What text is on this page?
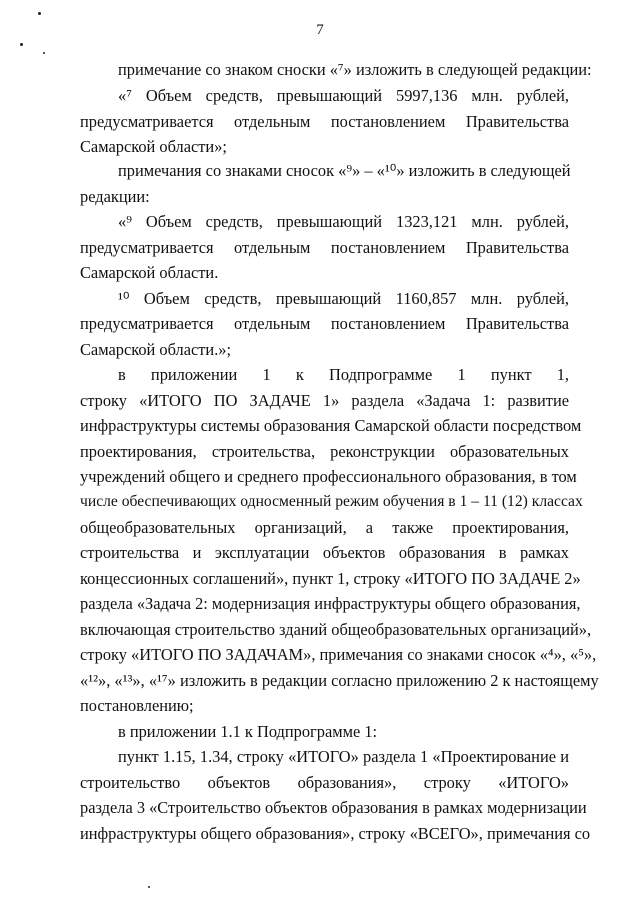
7
примечание со знаком сноски «⁷» изложить в следующей редакции:
«⁷ Объем средств, превышающий 5997,136 млн. рублей,
предусматривается отдельным постановлением Правительства
Самарской области»;
примечания со знаками сносок «⁹» – «¹⁰» изложить в следующей
редакции:
«⁹ Объем средств, превышающий 1323,121 млн. рублей,
предусматривается отдельным постановлением Правительства
Самарской области.
¹⁰ Объем средств, превышающий 1160,857 млн. рублей,
предусматривается отдельным постановлением Правительства
Самарской области.»;
в приложении 1 к Подпрограмме 1 пункт 1,
строку «ИТОГО ПО ЗАДАЧЕ 1» раздела «Задача 1: развитие
инфраструктуры системы образования Самарской области посредством
проектирования, строительства, реконструкции образовательных
учреждений общего и среднего профессионального образования, в том
числе обеспечивающих односменный режим обучения в 1 – 11 (12) классах
общеобразовательных организаций, а также проектирования,
строительства и эксплуатации объектов образования в рамках
концессионных соглашений», пункт 1, строку «ИТОГО ПО ЗАДАЧЕ 2»
раздела «Задача 2: модернизация инфраструктуры общего образования,
включающая строительство зданий общеобразовательных организаций»,
строку «ИТОГО ПО ЗАДАЧАМ», примечания со знаками сносок «⁴», «⁵»,
«¹²», «¹³», «¹⁷» изложить в редакции согласно приложению 2 к настоящему
постановлению;
в приложении 1.1 к Подпрограмме 1:
пункт 1.15, 1.34, строку «ИТОГО» раздела 1 «Проектирование и
строительство объектов образования», строку «ИТОГО»
раздела 3 «Строительство объектов образования в рамках модернизации
инфраструктуры общего образования», строку «ВСЕГО», примечания со
